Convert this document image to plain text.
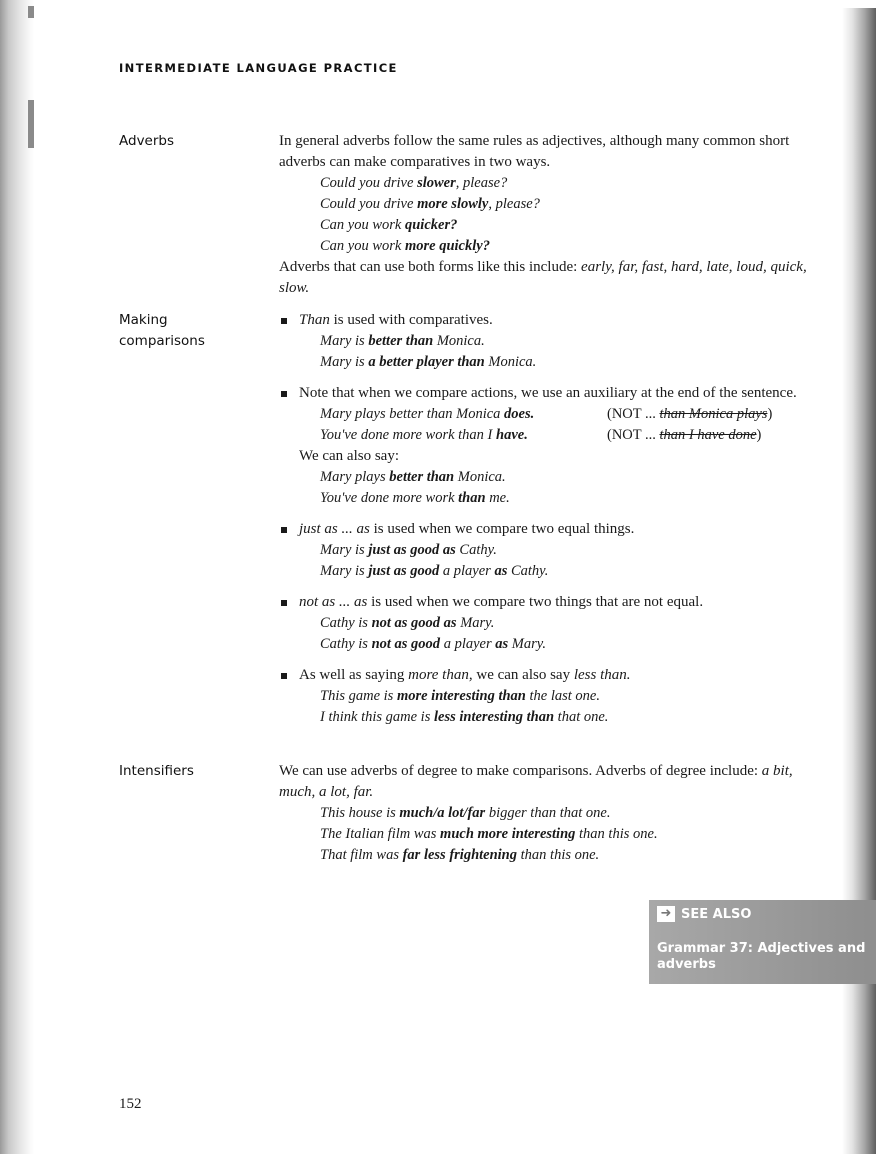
INTERMEDIATE LANGUAGE PRACTICE
Adverbs	In general adverbs follow the same rules as adjectives, although many common short adverbs can make comparatives in two ways.
Could you drive slower, please?
Could you drive more slowly, please?
Can you work quicker?
Can you work more quickly?
Adverbs that can use both forms like this include: early, far, fast, hard, late, loud, quick, slow.
Making
comparisons
Than is used with comparatives.
Mary is better than Monica.
Mary is a better player than Monica.
Note that when we compare actions, we use an auxiliary at the end of the sentence.
Mary plays better than Monica does.	(NOT ... than Monica plays)
You've done more work than I have.	(NOT ... than I have done)
We can also say:
Mary plays better than Monica.
You've done more work than me.
just as ... as is used when we compare two equal things.
Mary is just as good as Cathy.
Mary is just as good a player as Cathy.
not as ... as is used when we compare two things that are not equal.
Cathy is not as good as Mary.
Cathy is not as good a player as Mary.
As well as saying more than, we can also say less than.
This game is more interesting than the last one.
I think this game is less interesting than that one.
Intensifiers	We can use adverbs of degree to make comparisons. Adverbs of degree include: a bit, much, a lot, far.
This house is much/a lot/far bigger than that one.
The Italian film was much more interesting than this one.
That film was far less frightening than this one.
➜ SEE ALSO
Grammar 37: Adjectives and adverbs
152
